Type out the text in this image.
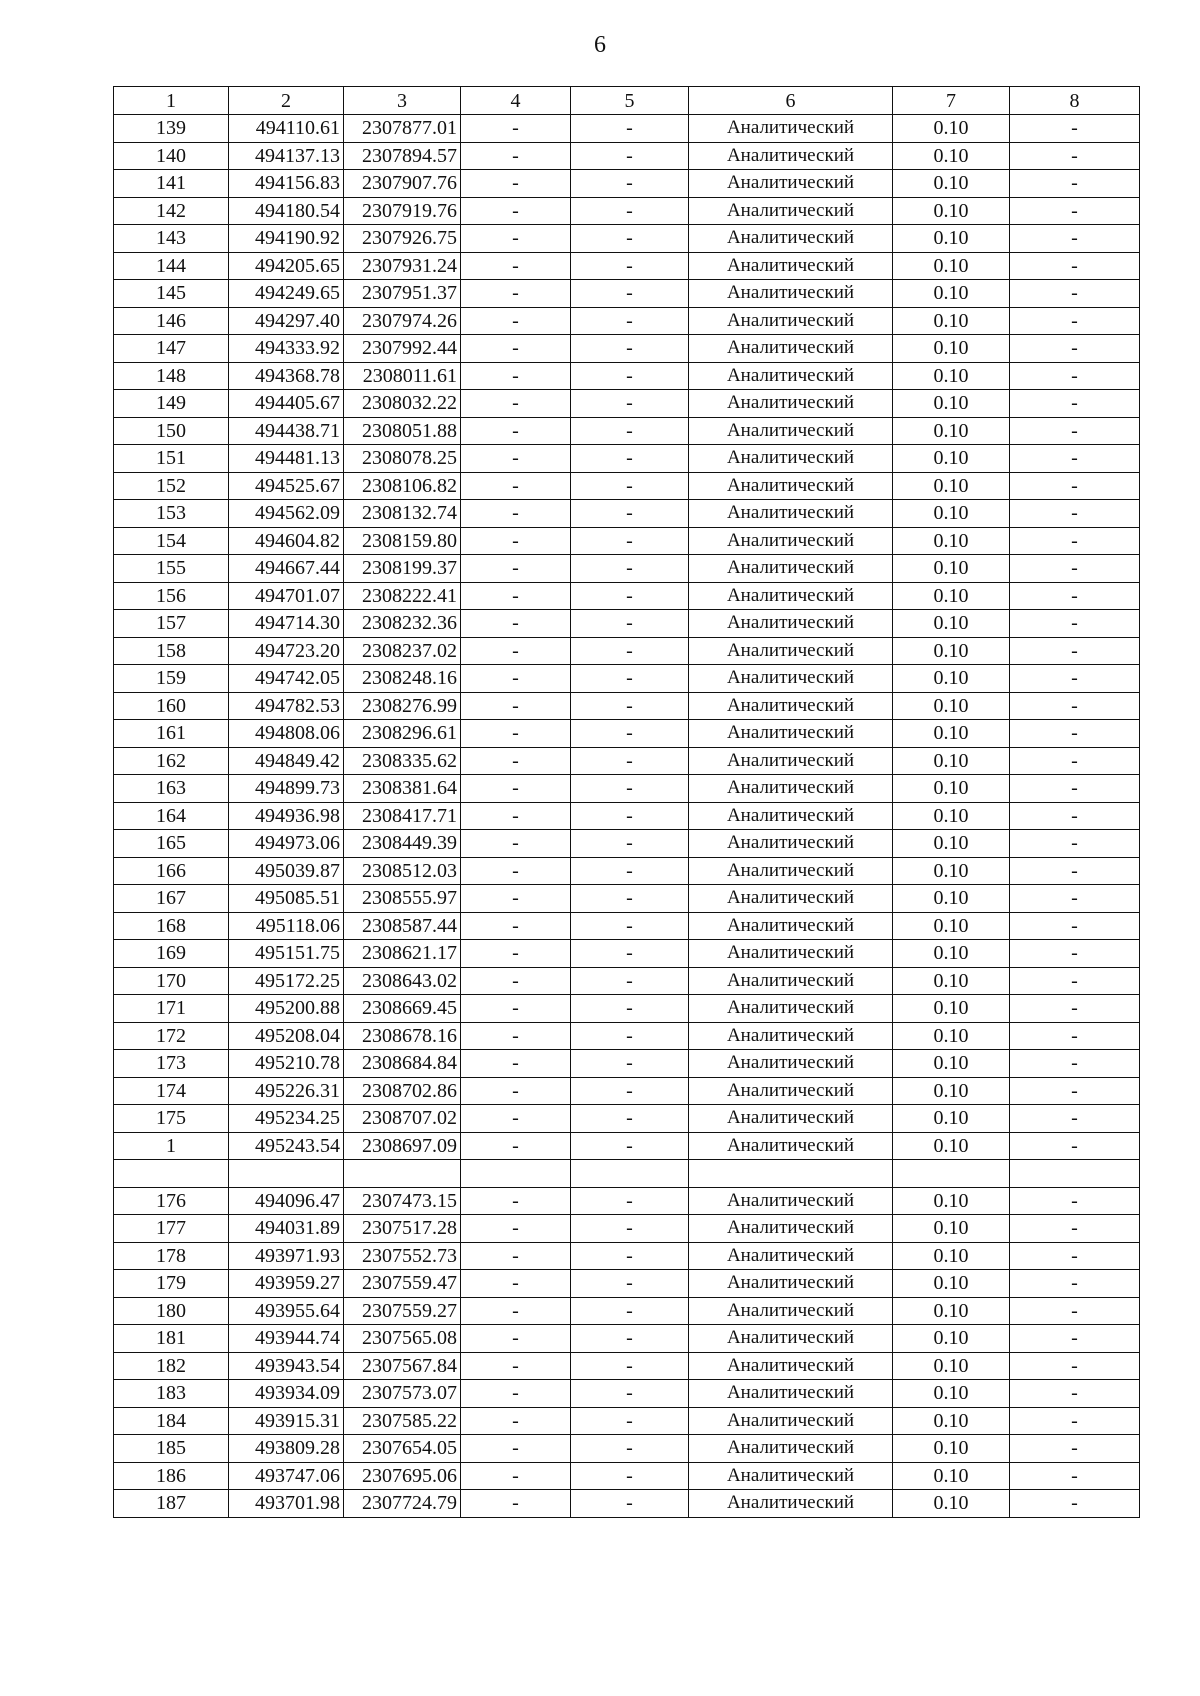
6
1	2	3	4	5	6	7	8
139	494110.61	2307877.01	-	-	Аналитический	0.10	-
140	494137.13	2307894.57	-	-	Аналитический	0.10	-
141	494156.83	2307907.76	-	-	Аналитический	0.10	-
142	494180.54	2307919.76	-	-	Аналитический	0.10	-
143	494190.92	2307926.75	-	-	Аналитический	0.10	-
144	494205.65	2307931.24	-	-	Аналитический	0.10	-
145	494249.65	2307951.37	-	-	Аналитический	0.10	-
146	494297.40	2307974.26	-	-	Аналитический	0.10	-
147	494333.92	2307992.44	-	-	Аналитический	0.10	-
148	494368.78	2308011.61	-	-	Аналитический	0.10	-
149	494405.67	2308032.22	-	-	Аналитический	0.10	-
150	494438.71	2308051.88	-	-	Аналитический	0.10	-
151	494481.13	2308078.25	-	-	Аналитический	0.10	-
152	494525.67	2308106.82	-	-	Аналитический	0.10	-
153	494562.09	2308132.74	-	-	Аналитический	0.10	-
154	494604.82	2308159.80	-	-	Аналитический	0.10	-
155	494667.44	2308199.37	-	-	Аналитический	0.10	-
156	494701.07	2308222.41	-	-	Аналитический	0.10	-
157	494714.30	2308232.36	-	-	Аналитический	0.10	-
158	494723.20	2308237.02	-	-	Аналитический	0.10	-
159	494742.05	2308248.16	-	-	Аналитический	0.10	-
160	494782.53	2308276.99	-	-	Аналитический	0.10	-
161	494808.06	2308296.61	-	-	Аналитический	0.10	-
162	494849.42	2308335.62	-	-	Аналитический	0.10	-
163	494899.73	2308381.64	-	-	Аналитический	0.10	-
164	494936.98	2308417.71	-	-	Аналитический	0.10	-
165	494973.06	2308449.39	-	-	Аналитический	0.10	-
166	495039.87	2308512.03	-	-	Аналитический	0.10	-
167	495085.51	2308555.97	-	-	Аналитический	0.10	-
168	495118.06	2308587.44	-	-	Аналитический	0.10	-
169	495151.75	2308621.17	-	-	Аналитический	0.10	-
170	495172.25	2308643.02	-	-	Аналитический	0.10	-
171	495200.88	2308669.45	-	-	Аналитический	0.10	-
172	495208.04	2308678.16	-	-	Аналитический	0.10	-
173	495210.78	2308684.84	-	-	Аналитический	0.10	-
174	495226.31	2308702.86	-	-	Аналитический	0.10	-
175	495234.25	2308707.02	-	-	Аналитический	0.10	-
1	495243.54	2308697.09	-	-	Аналитический	0.10	-

176	494096.47	2307473.15	-	-	Аналитический	0.10	-
177	494031.89	2307517.28	-	-	Аналитический	0.10	-
178	493971.93	2307552.73	-	-	Аналитический	0.10	-
179	493959.27	2307559.47	-	-	Аналитический	0.10	-
180	493955.64	2307559.27	-	-	Аналитический	0.10	-
181	493944.74	2307565.08	-	-	Аналитический	0.10	-
182	493943.54	2307567.84	-	-	Аналитический	0.10	-
183	493934.09	2307573.07	-	-	Аналитический	0.10	-
184	493915.31	2307585.22	-	-	Аналитический	0.10	-
185	493809.28	2307654.05	-	-	Аналитический	0.10	-
186	493747.06	2307695.06	-	-	Аналитический	0.10	-
187	493701.98	2307724.79	-	-	Аналитический	0.10	-
